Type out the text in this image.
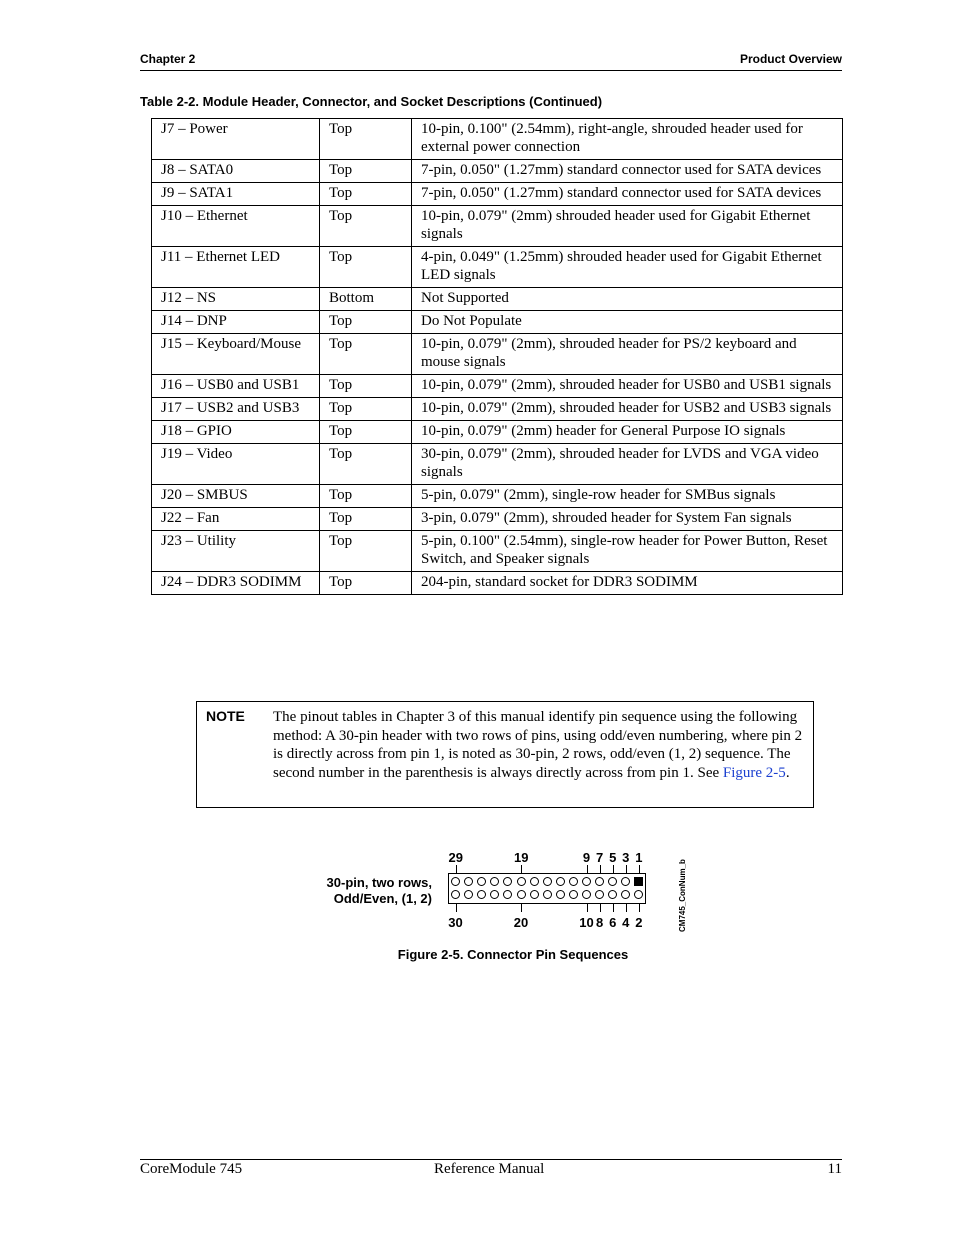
Chapter 2	Product Overview
Table 2-2. Module Header, Connector, and Socket Descriptions (Continued)
J7 – Power	Top	10-pin, 0.100" (2.54mm), right-angle, shrouded header used for external power connection
J8 – SATA0	Top	7-pin, 0.050" (1.27mm) standard connector used for SATA devices
J9 – SATA1	Top	7-pin, 0.050" (1.27mm) standard connector used for SATA devices
J10 – Ethernet	Top	10-pin, 0.079" (2mm) shrouded header used for Gigabit Ethernet signals
J11 – Ethernet LED	Top	4-pin, 0.049" (1.25mm) shrouded header used for Gigabit Ethernet LED signals
J12 – NS	Bottom	Not Supported
J14 – DNP	Top	Do Not Populate
J15 – Keyboard/Mouse	Top	10-pin, 0.079" (2mm), shrouded header for PS/2 keyboard and mouse signals
J16 – USB0 and USB1	Top	10-pin, 0.079" (2mm), shrouded header for USB0 and USB1 signals
J17 – USB2 and USB3	Top	10-pin, 0.079" (2mm), shrouded header for USB2 and USB3 signals
J18 – GPIO	Top	10-pin, 0.079" (2mm) header for General Purpose IO signals
J19 – Video	Top	30-pin, 0.079" (2mm), shrouded header for LVDS and VGA video signals
J20 – SMBUS	Top	5-pin, 0.079" (2mm), single-row header for SMBus signals
J22 – Fan	Top	3-pin, 0.079" (2mm), shrouded header for System Fan signals
J23 – Utility	Top	5-pin, 0.100" (2.54mm), single-row header for Power Button, Reset Switch, and Speaker signals
J24 – DDR3 SODIMM	Top	204-pin, standard socket for DDR3 SODIMM
NOTE The pinout tables in Chapter 3 of this manual identify pin sequence using the following method: A 30-pin header with two rows of pins, using odd/even numbering, where pin 2 is directly across from pin 1, is noted as 30-pin, 2 rows, odd/even (1, 2) sequence. The second number in the parenthesis is always directly across from pin 1. See Figure 2-5.
30-pin, two rows,
Odd/Even, (1, 2)
29	19	9 7 5 3 1
30	20	10 8 6 4 2	CM745_ConNum_b
Figure 2-5. Connector Pin Sequences
CoreModule 745	Reference Manual	11
